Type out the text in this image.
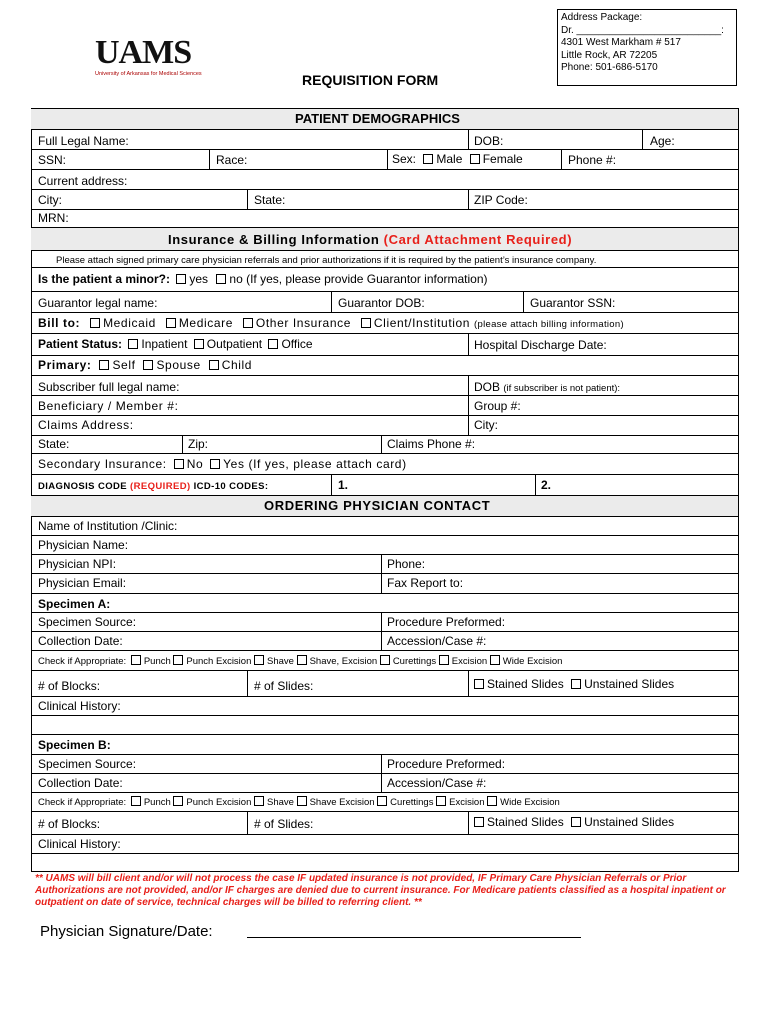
UAMS
University of Arkansas for Medical Sciences	REQUISITION FORM
Address Package:
Dr. __________________________:
4301 West Markham # 517
Little Rock, AR 72205
Phone: 501-686-5170
PATIENT DEMOGRAPHICS
Full Legal Name:	DOB:	Age:
SSN:	Race:	Sex: Male Female	Phone #:
Current address:
City:	State:	ZIP Code:
MRN:
Insurance & Billing Information (Card Attachment Required)
Please attach signed primary care physician referrals and prior authorizations if it is required by the patient’s insurance company.
Is the patient a minor?: yes no (If yes, please provide Guarantor information)
Guarantor legal name:	Guarantor DOB:	Guarantor SSN:
Bill to: Medicaid Medicare Other Insurance Client/Institution (please attach billing information)
Patient Status: Inpatient Outpatient Office	Hospital Discharge Date:
Primary: Self Spouse Child
Subscriber full legal name:	DOB (if subscriber is not patient):
Beneficiary / Member #:	Group #:
Claims Address:	City:
State:	Zip:	Claims Phone #:
Secondary Insurance: No Yes (If yes, please attach card)
DIAGNOSIS CODE (REQUIRED) ICD-10 CODES:	1.	2.
ORDERING PHYSICIAN CONTACT
Name of Institution /Clinic:
Physician Name:
Physician NPI:	Phone:
Physician Email:	Fax Report to:
Specimen A:
Specimen Source:	Procedure Preformed:
Collection Date:	Accession/Case #:
Check if Appropriate: Punch Punch Excision Shave Shave, Excision Curettings Excision Wide Excision
# of Blocks:	# of Slides:	Stained Slides Unstained Slides
Clinical History:
Specimen B:
Specimen Source:	Procedure Preformed:
Collection Date:	Accession/Case #:
Check if Appropriate: Punch Punch Excision Shave Shave Excision Curettings Excision Wide Excision
# of Blocks:	# of Slides:	Stained Slides Unstained Slides
Clinical History:
** UAMS will bill client and/or will not process the case IF updated insurance is not provided, IF Primary Care Physician Referrals or Prior Authorizations are not provided, and/or IF charges are denied due to current insurance. For Medicare patients classified as a hospital inpatient or outpatient on date of service, technical charges will be billed to referring client. **
Physician Signature/Date:
